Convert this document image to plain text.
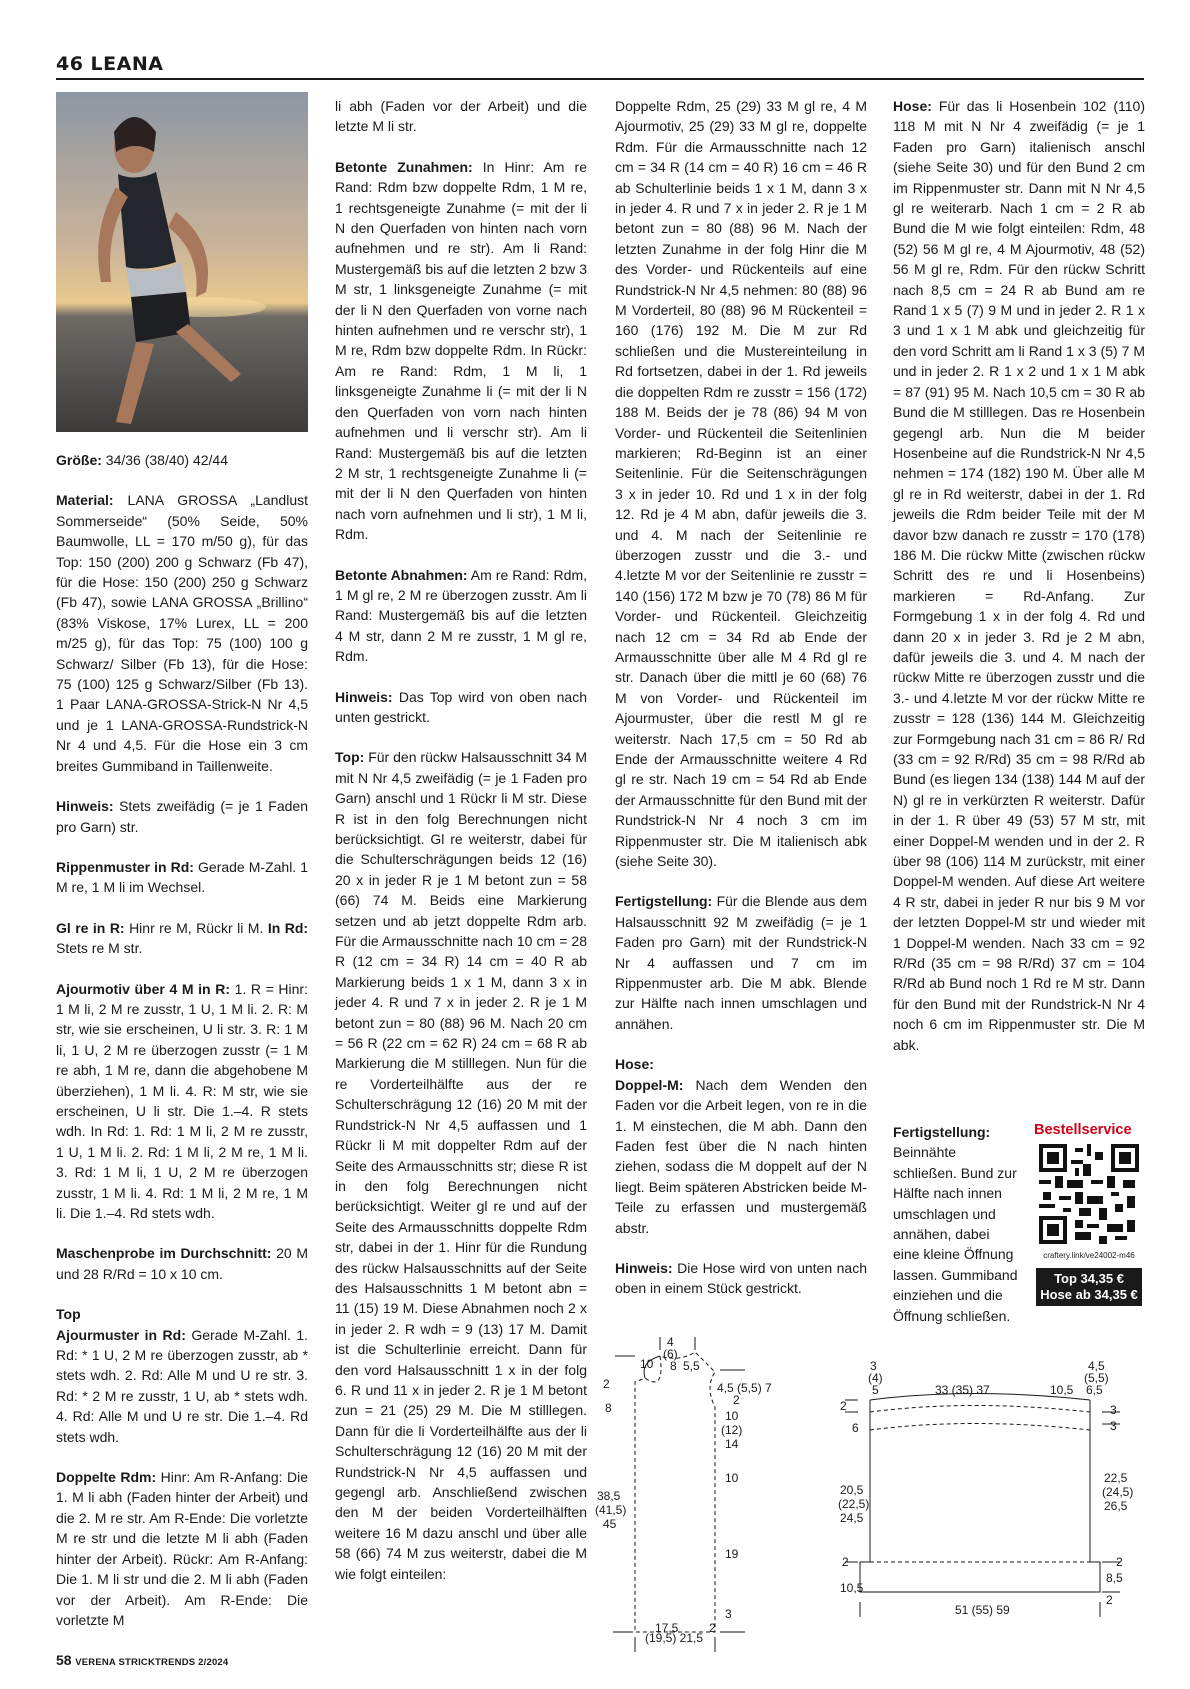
46 LEANA

Größe: 34/36 (38/40) 42/44

Material: LANA GROSSA „Landlust Sommerseide“ (50% Seide, 50% Baumwolle, LL = 170 m/50 g), für das Top: 150 (200) 200 g Schwarz (Fb 47), für die Hose: 150 (200) 250 g Schwarz (Fb 47), sowie LANA GROSSA „Brillino“ (83% Viskose, 17% Lurex, LL = 200 m/25 g), für das Top: 75 (100) 100 g Schwarz/ Silber (Fb 13), für die Hose: 75 (100) 125 g Schwarz/Silber (Fb 13). 1 Paar LANA-GROSSA-Strick-N Nr 4,5 und je 1 LANA-GROSSA-Rundstrick-N Nr 4 und 4,5. Für die Hose ein 3 cm breites Gummiband in Taillenweite.

Hinweis: Stets zweifädig (= je 1 Faden pro Garn) str.

Rippenmuster in Rd: Gerade M-Zahl. 1 M re, 1 M li im Wechsel.

Gl re in R: Hinr re M, Rückr li M. In Rd: Stets re M str.

Ajourmotiv über 4 M in R: 1. R = Hinr: 1 M li, 2 M re zusstr, 1 U, 1 M li. 2. R: M str, wie sie erscheinen, U li str. 3. R: 1 M li, 1 U, 2 M re überzogen zusstr (= 1 M re abh, 1 M re, dann die abgehobene M überziehen), 1 M li. 4. R: M str, wie sie erscheinen, U li str. Die 1.–4. R stets wdh. In Rd: 1. Rd: 1 M li, 2 M re zusstr, 1 U, 1 M li. 2. Rd: 1 M li, 2 M re, 1 M li. 3. Rd: 1 M li, 1 U, 2 M re überzogen zusstr, 1 M li. 4. Rd: 1 M li, 2 M re, 1 M li. Die 1.–4. Rd stets wdh.

Maschenprobe im Durchschnitt: 20 M und 28 R/Rd = 10 x 10 cm.

Top

Ajourmuster in Rd: Gerade M-Zahl. 1. Rd: * 1 U, 2 M re überzogen zusstr, ab * stets wdh. 2. Rd: Alle M und U re str. 3. Rd: * 2 M re zusstr, 1 U, ab * stets wdh. 4. Rd: Alle M und U re str. Die 1.–4. Rd stets wdh.

Doppelte Rdm: Hinr: Am R-Anfang: Die 1. M li abh (Faden hinter der Arbeit) und die 2. M re str. Am R-Ende: Die vorletzte M re str und die letzte M li abh (Faden hinter der Arbeit). Rückr: Am R-Anfang: Die 1. M li str und die 2. M li abh (Faden vor der Arbeit). Am R-Ende: Die vorletzte M

li abh (Faden vor der Arbeit) und die letzte M li str.

Betonte Zunahmen: In Hinr: Am re Rand: Rdm bzw doppelte Rdm, 1 M re, 1 rechtsgeneigte Zunahme (= mit der li N den Querfaden von hinten nach vorn aufnehmen und re str). Am li Rand: Mustergemäß bis auf die letzten 2 bzw 3 M str, 1 linksgeneigte Zunahme (= mit der li N den Querfaden von vorne nach hinten aufnehmen und re verschr str), 1 M re, Rdm bzw doppelte Rdm. In Rückr: Am re Rand: Rdm, 1 M li, 1 linksgeneigte Zunahme li (= mit der li N den Querfaden von vorn nach hinten aufnehmen und li verschr str). Am li Rand: Mustergemäß bis auf die letzten 2 M str, 1 rechtsgeneigte Zunahme li (= mit der li N den Querfaden von hinten nach vorn aufnehmen und li str), 1 M li, Rdm.

Betonte Abnahmen: Am re Rand: Rdm, 1 M gl re, 2 M re überzogen zusstr. Am li Rand: Mustergemäß bis auf die letzten 4 M str, dann 2 M re zusstr, 1 M gl re, Rdm.

Hinweis: Das Top wird von oben nach unten gestrickt.

Top: Für den rückw Halsausschnitt 34 M mit N Nr 4,5 zweifädig (= je 1 Faden pro Garn) anschl und 1 Rückr li M str. Diese R ist in den folg Berechnungen nicht berücksichtigt. Gl re weiterstr, dabei für die Schulterschrägungen beids 12 (16) 20 x in jeder R je 1 M betont zun = 58 (66) 74 M. Beids eine Markierung setzen und ab jetzt doppelte Rdm arb. Für die Armausschnitte nach 10 cm = 28 R (12 cm = 34 R) 14 cm = 40 R ab Markierung beids 1 x 1 M, dann 3 x in jeder 4. R und 7 x in jeder 2. R je 1 M betont zun = 80 (88) 96 M. Nach 20 cm = 56 R (22 cm = 62 R) 24 cm = 68 R ab Markierung die M stilllegen. Nun für die re Vorderteilhälfte aus der re Schulterschrägung 12 (16) 20 M mit der Rundstrick-N Nr 4,5 auffassen und 1 Rückr li M mit doppelter Rdm auf der Seite des Armausschnitts str; diese R ist in den folg Berechnungen nicht berücksichtigt. Weiter gl re und auf der Seite des Armausschnitts doppelte Rdm str, dabei in der 1. Hinr für die Rundung des rückw Halsausschnitts auf der Seite des Halsausschnitts 1 M betont abn = 11 (15) 19 M. Diese Abnahmen noch 2 x in jeder 2. R wdh = 9 (13) 17 M. Damit ist die Schulterlinie erreicht. Dann für den vord Halsausschnitt 1 x in der folg 6. R und 11 x in jeder 2. R je 1 M betont zun = 21 (25) 29 M. Die M stilllegen. Dann für die li Vorderteilhälfte aus der li Schulterschrägung 12 (16) 20 M mit der Rundstrick-N Nr 4,5 auffassen und gegengl arb. Anschließend zwischen den M der beiden Vorderteilhälften weitere 16 M dazu anschl und über alle 58 (66) 74 M zus weiterstr, dabei die M wie folgt einteilen:

Doppelte Rdm, 25 (29) 33 M gl re, 4 M Ajourmotiv, 25 (29) 33 M gl re, doppelte Rdm. Für die Armausschnitte nach 12 cm = 34 R (14 cm = 40 R) 16 cm = 46 R ab Schulterlinie beids 1 x 1 M, dann 3 x in jeder 4. R und 7 x in jeder 2. R je 1 M betont zun = 80 (88) 96 M. Nach der letzten Zunahme in der folg Hinr die M des Vorder- und Rückenteils auf eine Rundstrick-N Nr 4,5 nehmen: 80 (88) 96 M Vorderteil, 80 (88) 96 M Rückenteil = 160 (176) 192 M. Die M zur Rd schließen und die Mustereinteilung in Rd fortsetzen, dabei in der 1. Rd jeweils die doppelten Rdm re zusstr = 156 (172) 188 M. Beids der je 78 (86) 94 M von Vorder- und Rückenteil die Seitenlinien markieren; Rd-Beginn ist an einer Seitenlinie. Für die Seitenschrägungen 3 x in jeder 10. Rd und 1 x in der folg 12. Rd je 4 M abn, dafür jeweils die 3. und 4. M nach der Seitenlinie re überzogen zusstr und die 3.- und 4.letzte M vor der Seitenlinie re zusstr = 140 (156) 172 M bzw je 70 (78) 86 M für Vorder- und Rückenteil. Gleichzeitig nach 12 cm = 34 Rd ab Ende der Armausschnitte über alle M 4 Rd gl re str. Danach über die mittl je 60 (68) 76 M von Vorder- und Rückenteil im Ajourmuster, über die restl M gl re weiterstr. Nach 17,5 cm = 50 Rd ab Ende der Armausschnitte weitere 4 Rd gl re str. Nach 19 cm = 54 Rd ab Ende der Armausschnitte für den Bund mit der Rundstrick-N Nr 4 noch 3 cm im Rippenmuster str. Die M italienisch abk (siehe Seite 30).

Fertigstellung: Für die Blende aus dem Halsausschnitt 92 M zweifädig (= je 1 Faden pro Garn) mit der Rundstrick-N Nr 4 auffassen und 7 cm im Rippenmuster arb. Die M abk. Blende zur Hälfte nach innen umschlagen und annähen.

Hose:

Doppel-M: Nach dem Wenden den Faden vor die Arbeit legen, von re in die 1. M einstechen, die M abh. Dann den Faden fest über die N nach hinten ziehen, sodass die M doppelt auf der N liegt. Beim späteren Abstricken beide M-Teile zu erfassen und mustergemäß abstr.

Hinweis: Die Hose wird von unten nach oben in einem Stück gestrickt.

Hose: Für das li Hosenbein 102 (110) 118 M mit N Nr 4 zweifädig (= je 1 Faden pro Garn) italienisch anschl (siehe Seite 30) und für den Bund 2 cm im Rippenmuster str. Dann mit N Nr 4,5 gl re weiterarb. Nach 1 cm = 2 R ab Bund die M wie folgt einteilen: Rdm, 48 (52) 56 M gl re, 4 M Ajourmotiv, 48 (52) 56 M gl re, Rdm. Für den rückw Schritt nach 8,5 cm = 24 R ab Bund am re Rand 1 x 5 (7) 9 M und in jeder 2. R 1 x 3 und 1 x 1 M abk und gleichzeitig für den vord Schritt am li Rand 1 x 3 (5) 7 M und in jeder 2. R 1 x 2 und 1 x 1 M abk = 87 (91) 95 M. Nach 10,5 cm = 30 R ab Bund die M stilllegen. Das re Hosenbein gegengl arb. Nun die M beider Hosenbeine auf die Rundstrick-N Nr 4,5 nehmen = 174 (182) 190 M. Über alle M gl re in Rd weiterstr, dabei in der 1. Rd jeweils die Rdm beider Teile mit der M davor bzw danach re zusstr = 170 (178) 186 M. Die rückw Mitte (zwischen rückw Schritt des re und li Hosenbeins) markieren = Rd-Anfang. Zur Formgebung 1 x in der folg 4. Rd und dann 20 x in jeder 3. Rd je 2 M abn, dafür jeweils die 3. und 4. M nach der rückw Mitte re überzogen zusstr und die 3.- und 4.letzte M vor der rückw Mitte re zusstr = 128 (136) 144 M. Gleichzeitig zur Formgebung nach 31 cm = 86 R/ Rd (33 cm = 92 R/Rd) 35 cm = 98 R/Rd ab Bund (es liegen 134 (138) 144 M auf der N) gl re in verkürzten R weiterstr. Dafür in der 1. R über 49 (53) 57 M str, mit einer Doppel-M wenden und in der 2. R über 98 (106) 114 M zurückstr, mit einer Doppel-M wenden. Auf diese Art weitere 4 R str, dabei in jeder R nur bis 9 M vor der letzten Doppel-M str und wieder mit 1 Doppel-M wenden. Nach 33 cm = 92 R/Rd (35 cm = 98 R/Rd) 37 cm = 104 R/Rd ab Bund noch 1 Rd re M str. Dann für den Bund mit der Rundstrick-N Nr 4 noch 6 cm im Rippenmuster str. Die M abk.

Fertigstellung: Beinnähte schließen. Bund zur Hälfte nach innen umschlagen und annähen, dabei eine kleine Öffnung lassen. Gummiband einziehen und die Öffnung schließen.
Bestellservice
craftery.link/ve24002-m46
Top 34,35 €
Hose ab 34,35 €
4
(6)
8
10 5,5
4,5 (5,5) 7
2
2
8
10
(12)
14
10
38,5
(41,5)
45
19
3
17,5
(19,5) 21,5
2
3
(4)
5	33 (35) 37	10,5
4,5
(5,5)
6,5
2
6
3
3
20,5
(22,5)
24,5
22,5
(24,5)
26,5
2	2
10,5
8,5
2
51 (55) 59
58 VERENA STRICKTRENDS 2/2024
